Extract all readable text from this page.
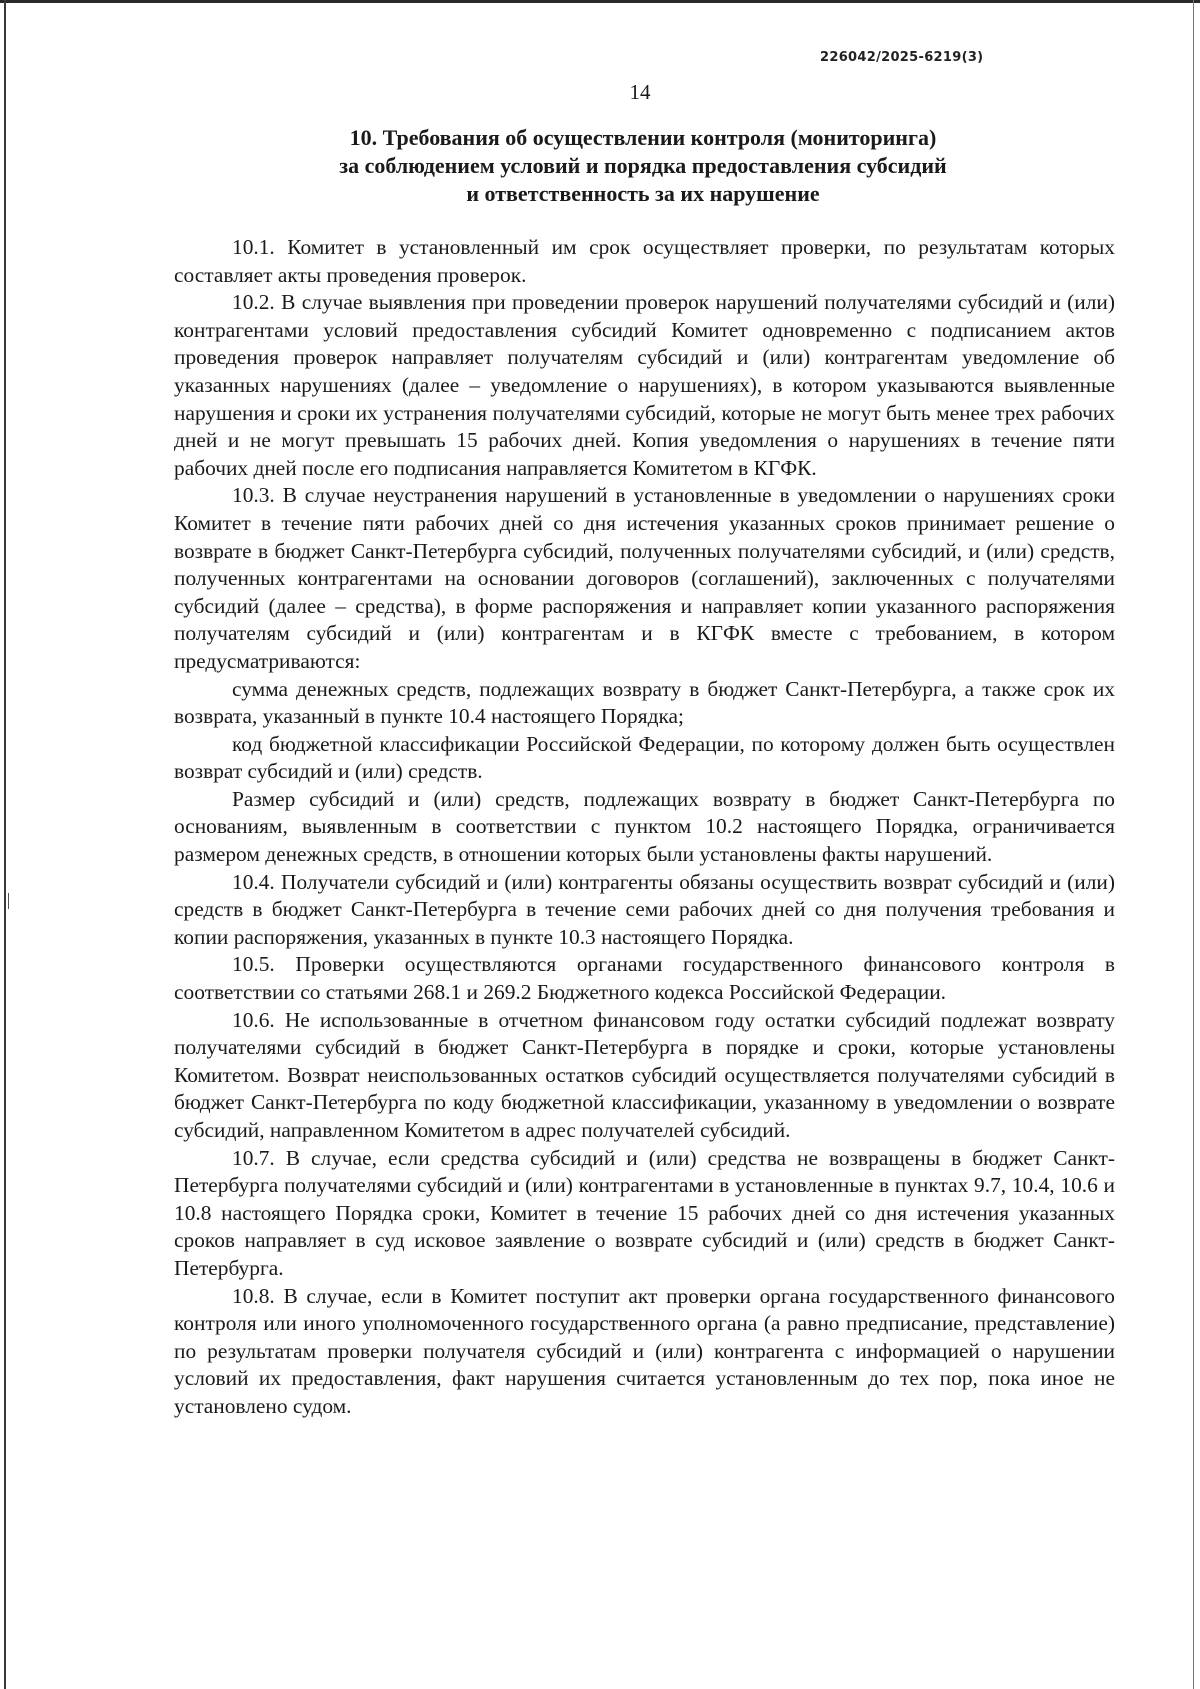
226042/2025-6219(3)
14
10. Требования об осуществлении контроля (мониторинга)
за соблюдением условий и порядка предоставления субсидий
и ответственность за их нарушение

10.1. Комитет в установленный им срок осуществляет проверки, по результатам которых составляет акты проведения проверок.

10.2. В случае выявления при проведении проверок нарушений получателями субсидий и (или) контрагентами условий предоставления субсидий Комитет одновременно с подписанием актов проведения проверок направляет получателям субсидий и (или) контрагентам уведомление об указанных нарушениях (далее – уведомление о нарушениях), в котором указываются выявленные нарушения и сроки их устранения получателями субсидий, которые не могут быть менее трех рабочих дней и не могут превышать 15 рабочих дней. Копия уведомления о нарушениях в течение пяти рабочих дней после его подписания направляется Комитетом в КГФК.

10.3. В случае неустранения нарушений в установленные в уведомлении о нарушениях сроки Комитет в течение пяти рабочих дней со дня истечения указанных сроков принимает решение о возврате в бюджет Санкт-Петербурга субсидий, полученных получателями субсидий, и (или) средств, полученных контрагентами на основании договоров (соглашений), заключенных с получателями субсидий (далее – средства), в форме распоряжения и направляет копии указанного распоряжения получателям субсидий и (или) контрагентам и в КГФК вместе с требованием, в котором предусматриваются:

сумма денежных средств, подлежащих возврату в бюджет Санкт-Петербурга, а также срок их возврата, указанный в пункте 10.4 настоящего Порядка;

код бюджетной классификации Российской Федерации, по которому должен быть осуществлен возврат субсидий и (или) средств.

Размер субсидий и (или) средств, подлежащих возврату в бюджет Санкт-Петербурга по основаниям, выявленным в соответствии с пунктом 10.2 настоящего Порядка, ограничивается размером денежных средств, в отношении которых были установлены факты нарушений.

10.4. Получатели субсидий и (или) контрагенты обязаны осуществить возврат субсидий и (или) средств в бюджет Санкт-Петербурга в течение семи рабочих дней со дня получения требования и копии распоряжения, указанных в пункте 10.3 настоящего Порядка.

10.5. Проверки осуществляются органами государственного финансового контроля в соответствии со статьями 268.1 и 269.2 Бюджетного кодекса Российской Федерации.

10.6. Не использованные в отчетном финансовом году остатки субсидий подлежат возврату получателями субсидий в бюджет Санкт-Петербурга в порядке и сроки, которые установлены Комитетом. Возврат неиспользованных остатков субсидий осуществляется получателями субсидий в бюджет Санкт-Петербурга по коду бюджетной классификации, указанному в уведомлении о возврате субсидий, направленном Комитетом в адрес получателей субсидий.

10.7. В случае, если средства субсидий и (или) средства не возвращены в бюджет Санкт-Петербурга получателями субсидий и (или) контрагентами в установленные в пунктах 9.7, 10.4, 10.6 и 10.8 настоящего Порядка сроки, Комитет в течение 15 рабочих дней со дня истечения указанных сроков направляет в суд исковое заявление о возврате субсидий и (или) средств в бюджет Санкт-Петербурга.

10.8. В случае, если в Комитет поступит акт проверки органа государственного финансового контроля или иного уполномоченного государственного органа (а равно предписание, представление) по результатам проверки получателя субсидий и (или) контрагента с информацией о нарушении условий их предоставления, факт нарушения считается установленным до тех пор, пока иное не установлено судом.
